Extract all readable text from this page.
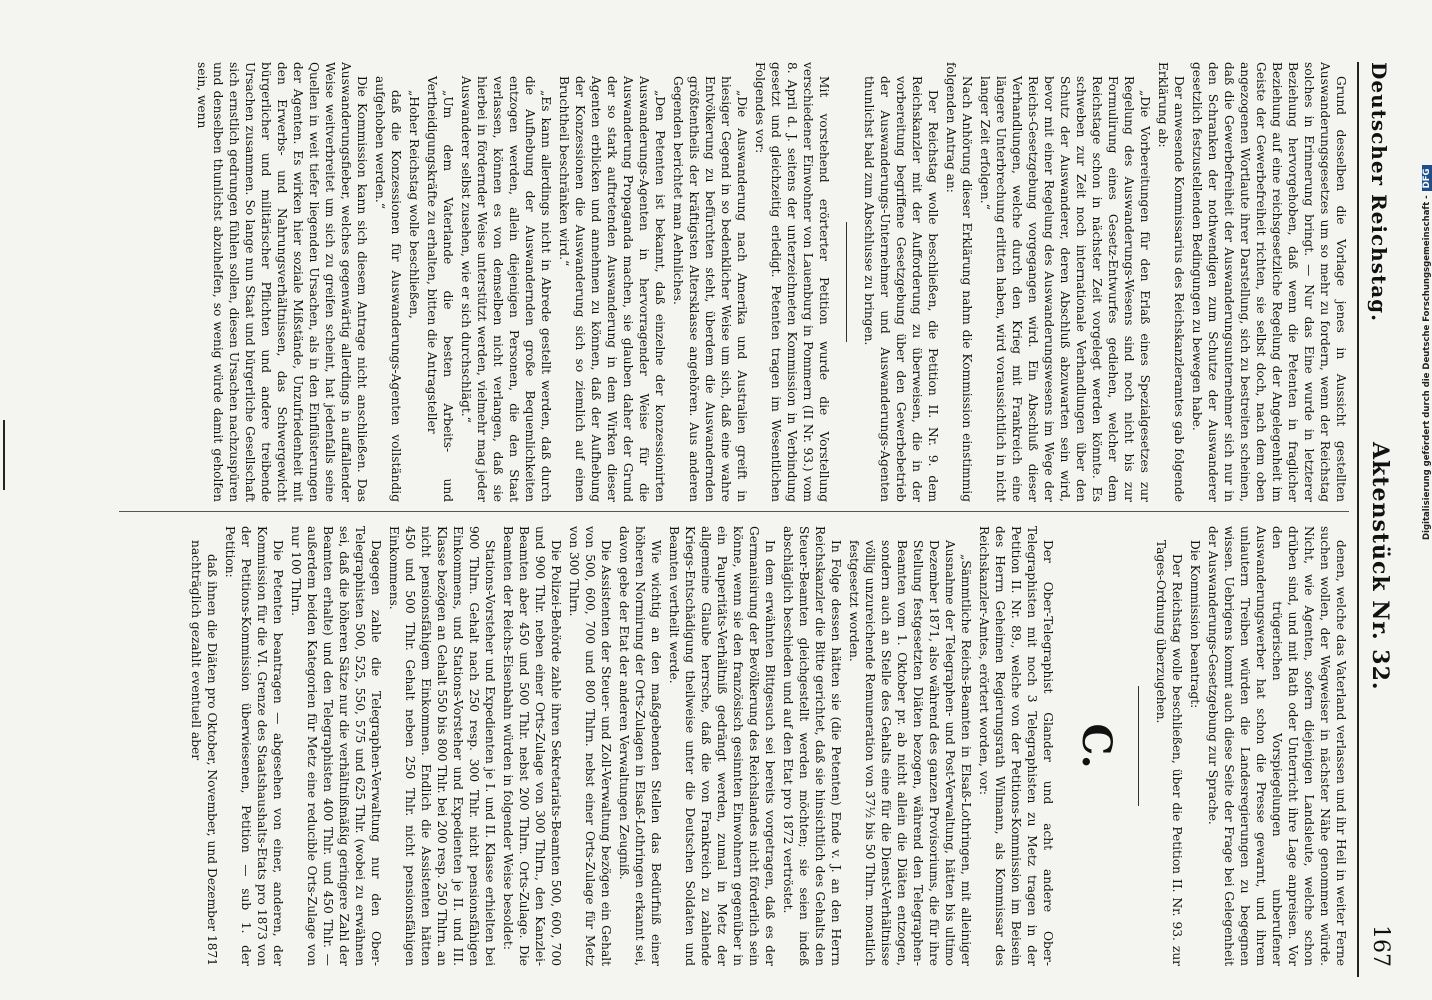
Deutscher Reichstag.
Aktenstück Nr. 32.
167

Grund desselben die Vorlage jenes in Aussicht gestellten Auswanderungsgesetzes um so mehr zu fordern, wenn der Reichstag solches in Erinnerung bringt. — Nur das Eine wurde in letzterer Beziehung hervorgehoben, daß wenn die Petenten in fraglicher Beziehung auf eine reichsgesetzliche Regelung der Angelegenheit im Geiste der Gewerbefreiheit richten, sie selbst doch, nach dem oben angezogenen Wortlaute ihrer Darstellung, sich zu bestreiten scheinen, daß die Gewerbefreiheit der Auswanderungsunternehmer sich nur in den Schranken der nothwendigen zum Schutze der Auswanderer gesetzlich festzustellenden Bedingungen zu bewegen habe.

Der anwesende Kommissarius des Reichskanzleramtes gab folgende Erklärung ab:

„Die Vorbereitungen für den Erlaß eines Spezialgesetzes zur Regelung des Auswanderungs-Wesens sind noch nicht bis zur Formulirung eines Gesetz-Entwurfes gediehen, welcher dem Reichstage schon in nächster Zeit vorgelegt werden könnte. Es schweben zur Zeit noch internationale Verhandlungen über den Schutz der Auswanderer, deren Abschluß abzuwarten sein wird, bevor mit einer Regelung des Auswanderungswesens im Wege der Reichs-Gesetzgebung vorgegangen wird. Ein Abschluß dieser Verhandlungen, welche durch den Krieg mit Frankreich eine längere Unterbrechung erlitten haben, wird voraussichtlich in nicht langer Zeit erfolgen.“

Nach Anhörung dieser Erklärung nahm die Kommission einstimmig folgenden Antrag an:

Der Reichstag wolle beschließen, die Petition II. Nr. 9. dem Reichskanzler mit der Aufforderung zu überweisen, die in der vorbereitung begriffene Gesetzgebung über den Gewerbebetrieb der Auswanderungs-Unternehmer und Auswanderungs-Agenten thunlichst bald zum Abschlusse zu bringen.

Mit vorstehend erörterter Petition wurde die Vorstellung verschiedener Einwohner von Lauenburg in Pommern (II Nr. 93.) vom 8. April d. J. seitens der unterzeichneten Kommission in Verbindung gesetzt und gleichzeitig erledigt. Petenten tragen im Wesentlichen Folgendes vor:

„Die Auswanderung nach Amerika und Australien greift in hiesiger Gegend in so bedenklicher Weise um sich, daß eine wahre Entvölkerung zu befürchten steht, überdem die Auswandernden größtentheils der kräftigsten Altersklasse angehören. Aus anderen Gegenden berichtet man Aehnliches.

„Den Petenten ist bekannt, daß einzelne der konzessionirten Auswanderungs-Agenten in hervorragender Weise für die Auswanderung Propaganda machen, sie glauben daher der Grund der so stark auftretenden Auswanderung in dem Wirken dieser Agenten erblicken und annehmen zu können, daß der Aufhebung der Konzessionen die Auswanderung sich so ziemlich auf einen Bruchtheil beschränken wird.“

„Es kann allerdings nicht in Abrede gestellt werden, daß durch die Aufhebung der Auswandernden große Bequemlichkeiten entzogen werden, allein diejenigen Personen, die den Staat verlassen, können es von demselben nicht verlangen, daß sie hierbei in fördernder Weise unterstützt werden, vielmehr mag jeder Auswanderer selbst zusehen, wie er sich durchschlägt.“

„Um dem Vaterlande die besten Arbeits- und Vertheidigungskräfte zu erhalten, bitten die Antragsteller

„Hoher Reichstag wolle beschließen,

daß die Konzessionen für Auswanderungs-Agenten vollständig aufgehoben werden.“

Die Kommission kann sich diesem Antrage nicht anschließen. Das Auswanderungsfieber, welches gegenwärtig allerdings in auffallender Weise weitverbreitet um sich zu greifen scheint, hat jedenfalls seine Quellen in weit tiefer liegenden Ursachen, als in den Einflüsterungen der Agenten. Es wirken hier soziale Mißstände, Unzufriedenheit mit den Erwerbs- und Nahrungsverhältnissen, das Schwergewicht bürgerlicher und militärischer Pflichten und andere treibende Ursachen zusammen. So lange nun Staat und bürgerliche Gesellschaft sich ernstlich gedrungen fühlen sollen, diesen Ursachen nachzuspüren und denselben thunlichst abzuhelfen, so wenig würde damit geholfen sein, wenn

denen, welche das Vaterland verlassen und ihr Heil in weiter Ferne suchen wollen, der Wegweiser in nächster Nähe genommen würde. Nicht, wie Agenten, sofern diejenigen Landsleute, welche schon drüben sind, und mit Rath oder Unterricht ihre Lage anpreisen. Vor den trügerischen Vorspiegelungen unberufener Auswanderungswerber hat schon die Presse gewarnt, und ihrem unlautern Treiben würden die Landesregierungen zu begegnen wissen. Uebrigens kommt auch diese Seite der Frage bei Gelegenheit der Auswanderungs-Gesetzgebung zur Sprache.

Die Kommission beantragt:

Der Reichstag wolle beschließen, über die Petition II. Nr. 93. zur Tages-Ordnung überzugehen.

C.

Der Ober-Telegraphist Glander und acht andere Ober-Telegraphisten mit noch 3 Telegraphisten zu Metz tragen in der Petition II. Nr. 89., welche von der Petitions-Kommission im Beisein des Herrn Geheimen Regierungsrath Wilmann, als Kommissar des Reichskanzler-Amtes, erörtert worden, vor:

„Sämmtliche Reichs-Beamten in Elsaß-Lothringen, mit alleiniger Ausnahme der Telegraphen- und Post-Verwaltung, hätten bis ultimo Dezember 1871, also während des ganzen Provisoriums, die für ihre Stellung festgesetzten Diäten bezogen, während den Telegraphen-Beamten vom 1. Oktober pr. ab nicht allein die Diäten entzogen, sondern auch an Stelle des Gehalts eine für die Dienst-Verhältnisse völlig unzureichende Remuneration von 37½ bis 50 Thlrn. monatlich festgesetzt worden.

In Folge dessen hätten sie (die Petenten) Ende v. J. an den Herrn Reichskanzler die Bitte gerichtet, daß sie hinsichtlich des Gehalts den Steuer-Beamten gleichgestellt werden möchten; sie seien indeß abschläglich beschieden und auf den Etat pro 1872 vertröstet.

In dem erwähnten Bittgesuch sei bereits vorgetragen, daß es der Germanisirung der Bevölkerung des Reichslandes nicht förderlich sein könne, wenn sie den französisch gesinnten Einwohnern gegenüber in ein Pauperitäts-Verhältniß gedrängt werden, zumal in Metz der allgemeine Glaube herrsche, daß die von Frankreich zu zahlende Kriegs-Entschädigung theilweise unter die Deutschen Soldaten und Beamten vertheilt werde.

Wie wichtig an den maßgebenden Stellen das Bedürfniß einer höheren Normirung der Orts-Zulagen in Elsaß-Lothringen erkannt sei, davon gebe der Etat der anderen Verwaltungen Zeugniß.

Die Assistenten der Steuer- und Zoll-Verwaltung bezögen ein Gehalt von 500, 600, 700 und 800 Thlrn. nebst einer Orts-Zulage für Metz von 300 Thlrn.

Die Polizei-Behörde zahle ihren Sekretariats-Beamten 500, 600, 700 und 900 Thlr. neben einer Orts-Zulage von 300 Thlrn., den Kanzlei-Beamten aber 450 und 500 Thlr. nebst 200 Thlrn. Orts-Zulage. Die Beamten der Reichs-Eisenbahn würden in folgender Weise besoldet:

Stations-Vorsteher und Expedienten je I. und II. Klasse erhielten bei 900 Thlrn. Gehalt nach 250 resp. 300 Thlr. nicht pensionsfähigen Einkommens, und Stations-Vorsteher und Expedienten je II. und III. Klasse bezögen an Gehalt 550 bis 800 Thlr. bei 200 resp. 250 Thlrn. an nicht pensionsfähigem Einkommen. Endlich die Assistenten hätten 450 und 500 Thlr. Gehalt neben 250 Thlr. nicht pensionsfähigen Einkommens.

Dagegen zahle die Telegraphen-Verwaltung nur den Ober-Telegraphisten 500, 525, 550, 575 und 625 Thlr. (wobei zu erwähnen sei, daß die höheren Sätze nur die verhältnißmäßig geringere Zahl der Beamten erhalte) und den Telegraphisten 400 Thlr. und 450 Thlr. — außerdem beiden Kategorien für Metz eine reducible Orts-Zulage von nur 100 Thlrn.

Die Petenten beantragen — abgesehen von einer, anderen, der Kommission für die VI. Grenze des Staatshaushalts-Etats pro 1873 von der Petitions-Kommission überwiesenen, Petition — sub 1. der Petition:

daß ihnen die Diäten pro Oktober, November, und Dezember 1871 nachträglich gezahlt eventuell aber

Digitalisierung gefördert durch die Deutsche Forschungsgemeinschaft -DFG
